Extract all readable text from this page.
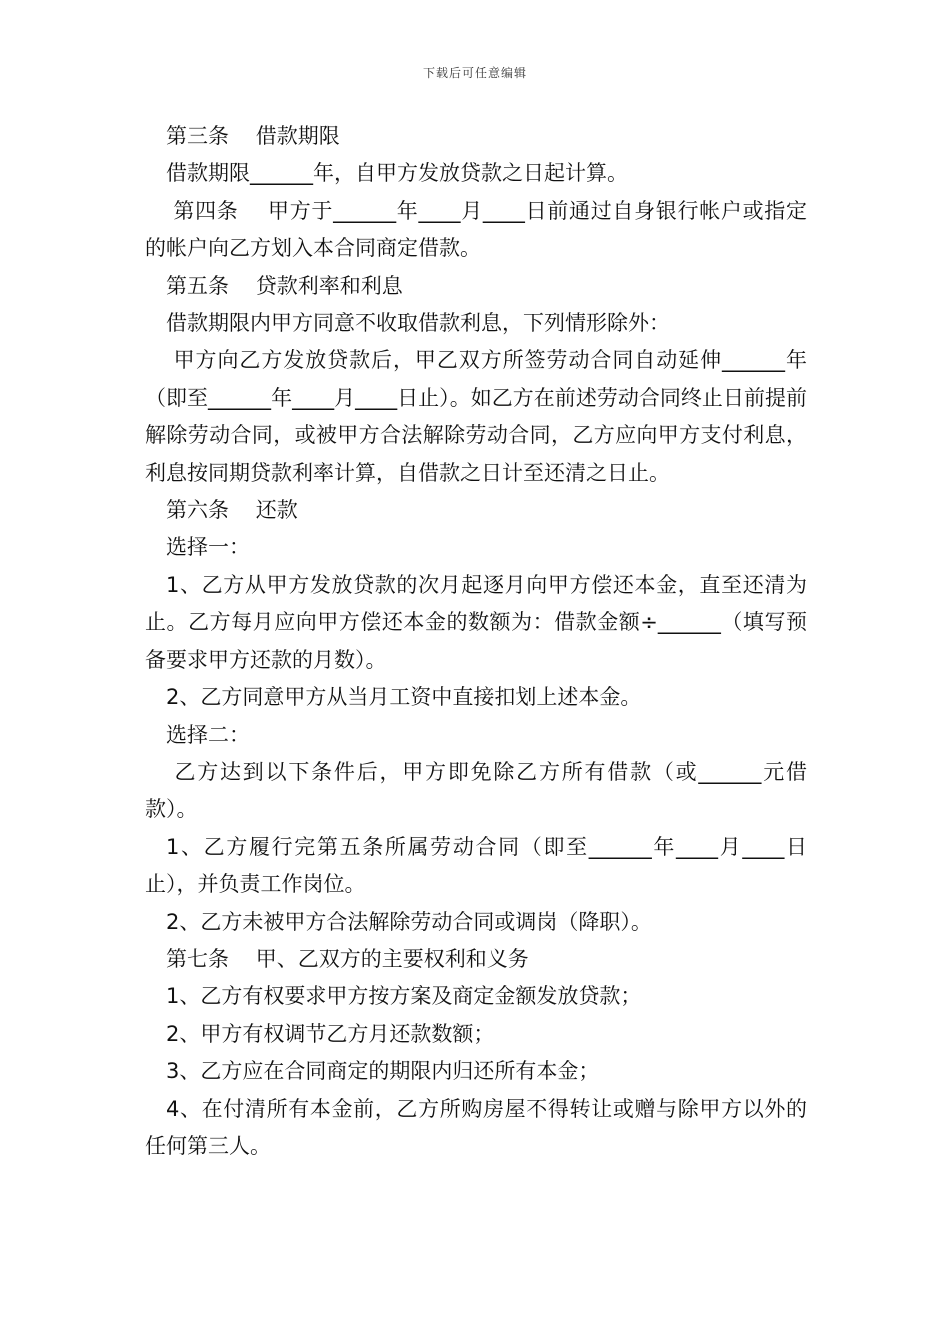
下载后可任意编辑

第三条    借款期限

借款期限______年，自甲方发放贷款之日起计算。

第四条    甲方于______年____月____日前通过自身银行帐户或指定的帐户向乙方划入本合同商定借款。

第五条    贷款利率和利息

借款期限内甲方同意不收取借款利息，下列情形除外：

甲方向乙方发放贷款后，甲乙双方所签劳动合同自动延伸______年（即至______年____月____日止）。如乙方在前述劳动合同终止日前提前解除劳动合同，或被甲方合法解除劳动合同，乙方应向甲方支付利息，利息按同期贷款利率计算，自借款之日计至还清之日止。

第六条    还款

选择一：

1、乙方从甲方发放贷款的次月起逐月向甲方偿还本金，直至还清为止。乙方每月应向甲方偿还本金的数额为：借款金额÷______（填写预备要求甲方还款的月数）。

2、乙方同意甲方从当月工资中直接扣划上述本金。

选择二：

乙方达到以下条件后，甲方即免除乙方所有借款（或______元借款）。

1、乙方履行完第五条所属劳动合同（即至______年____月____日止），并负责工作岗位。

2、乙方未被甲方合法解除劳动合同或调岗（降职）。

第七条    甲、乙双方的主要权利和义务

1、乙方有权要求甲方按方案及商定金额发放贷款；

2、甲方有权调节乙方月还款数额；

3、乙方应在合同商定的期限内归还所有本金；

4、在付清所有本金前，乙方所购房屋不得转让或赠与除甲方以外的任何第三人。
